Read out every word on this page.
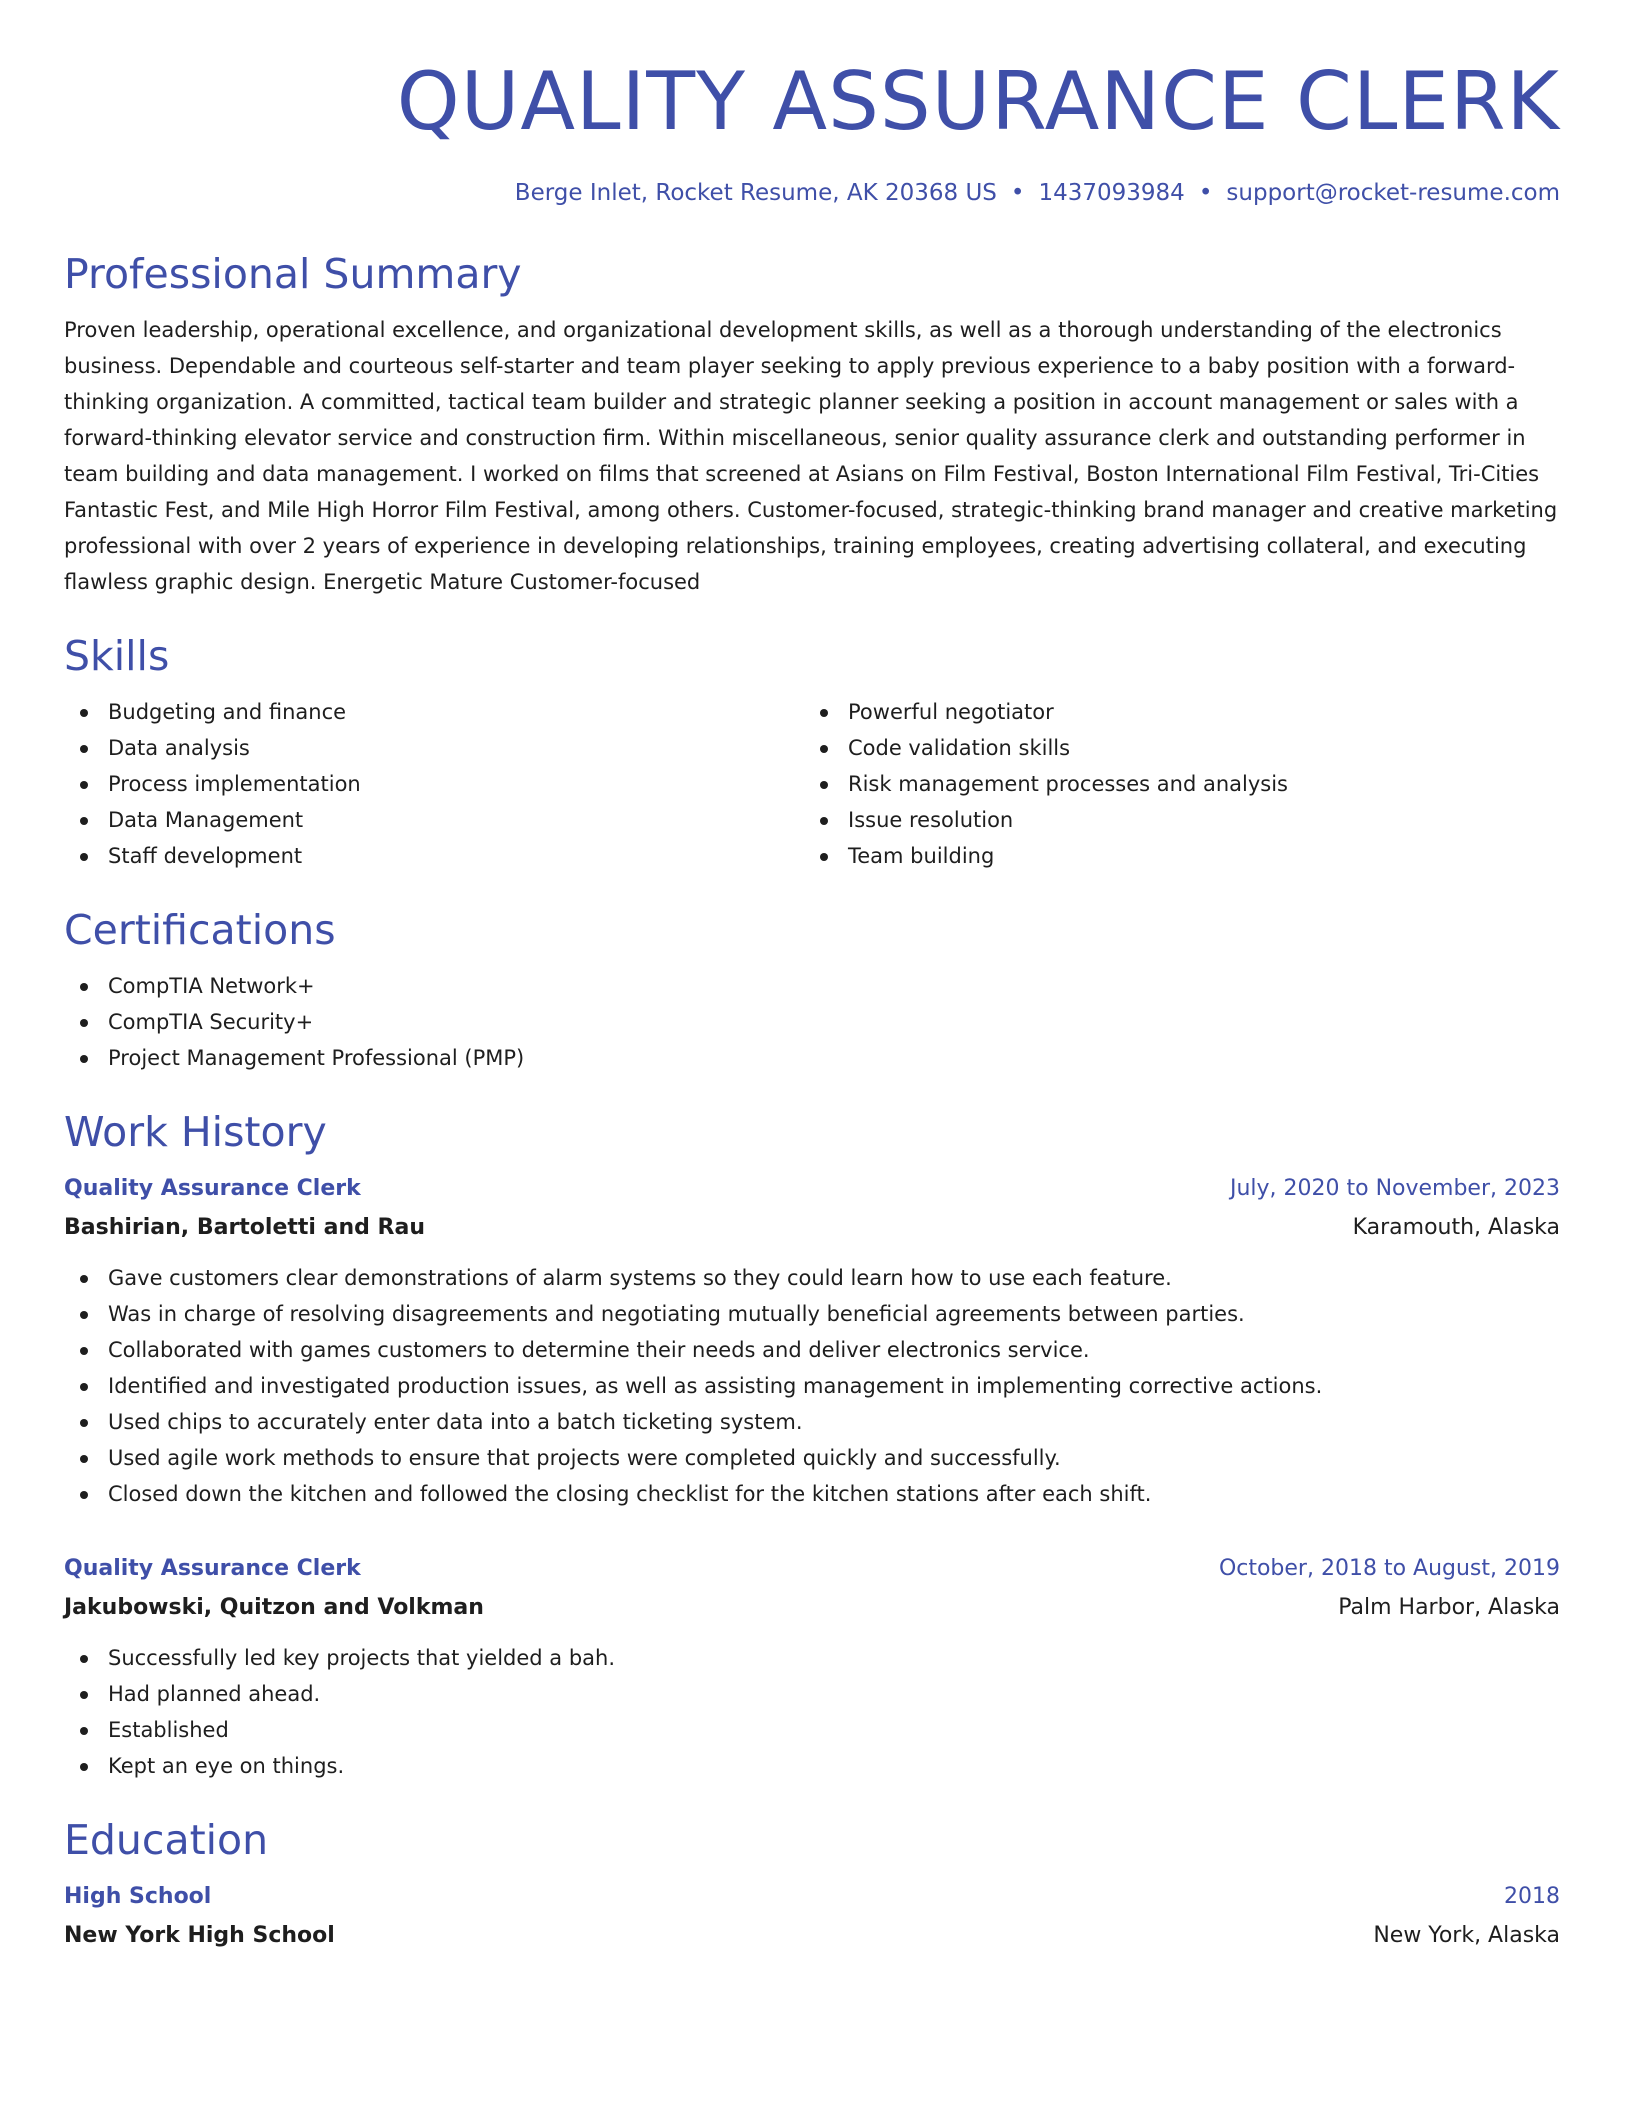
QUALITY ASSURANCE CLERK
Berge Inlet, Rocket Resume, AK 20368 US • 1437093984 • support@rocket-resume.com
Professional Summary

Proven leadership, operational excellence, and organizational development skills, as well as a thorough understanding of the electronics business. Dependable and courteous self-starter and team player seeking to apply previous experience to a baby position with a forward-thinking organization. A committed, tactical team builder and strategic planner seeking a position in account management or sales with a forward-thinking elevator service and construction firm. Within miscellaneous, senior quality assurance clerk and outstanding performer in team building and data management. I worked on films that screened at Asians on Film Festival, Boston International Film Festival, Tri-Cities Fantastic Fest, and Mile High Horror Film Festival, among others. Customer-focused, strategic-thinking brand manager and creative marketing professional with over 2 years of experience in developing relationships, training employees, creating advertising collateral, and executing flawless graphic design. Energetic Mature Customer-focused

Skills
Budgeting and finance
Data analysis
Process implementation
Data Management
Staff development
Powerful negotiator
Code validation skills
Risk management processes and analysis
Issue resolution
Team building
Certifications
CompTIA Network+
CompTIA Security+
Project Management Professional (PMP)
Work History
Quality Assurance Clerk	July, 2020 to November, 2023
Bashirian, Bartoletti and Rau	Karamouth, Alaska
Gave customers clear demonstrations of alarm systems so they could learn how to use each feature.
Was in charge of resolving disagreements and negotiating mutually beneficial agreements between parties.
Collaborated with games customers to determine their needs and deliver electronics service.
Identified and investigated production issues, as well as assisting management in implementing corrective actions.
Used chips to accurately enter data into a batch ticketing system.
Used agile work methods to ensure that projects were completed quickly and successfully.
Closed down the kitchen and followed the closing checklist for the kitchen stations after each shift.
Quality Assurance Clerk	October, 2018 to August, 2019
Jakubowski, Quitzon and Volkman	Palm Harbor, Alaska
Successfully led key projects that yielded a bah.
Had planned ahead.
Established
Kept an eye on things.
Education
High School	2018
New York High School	New York, Alaska
